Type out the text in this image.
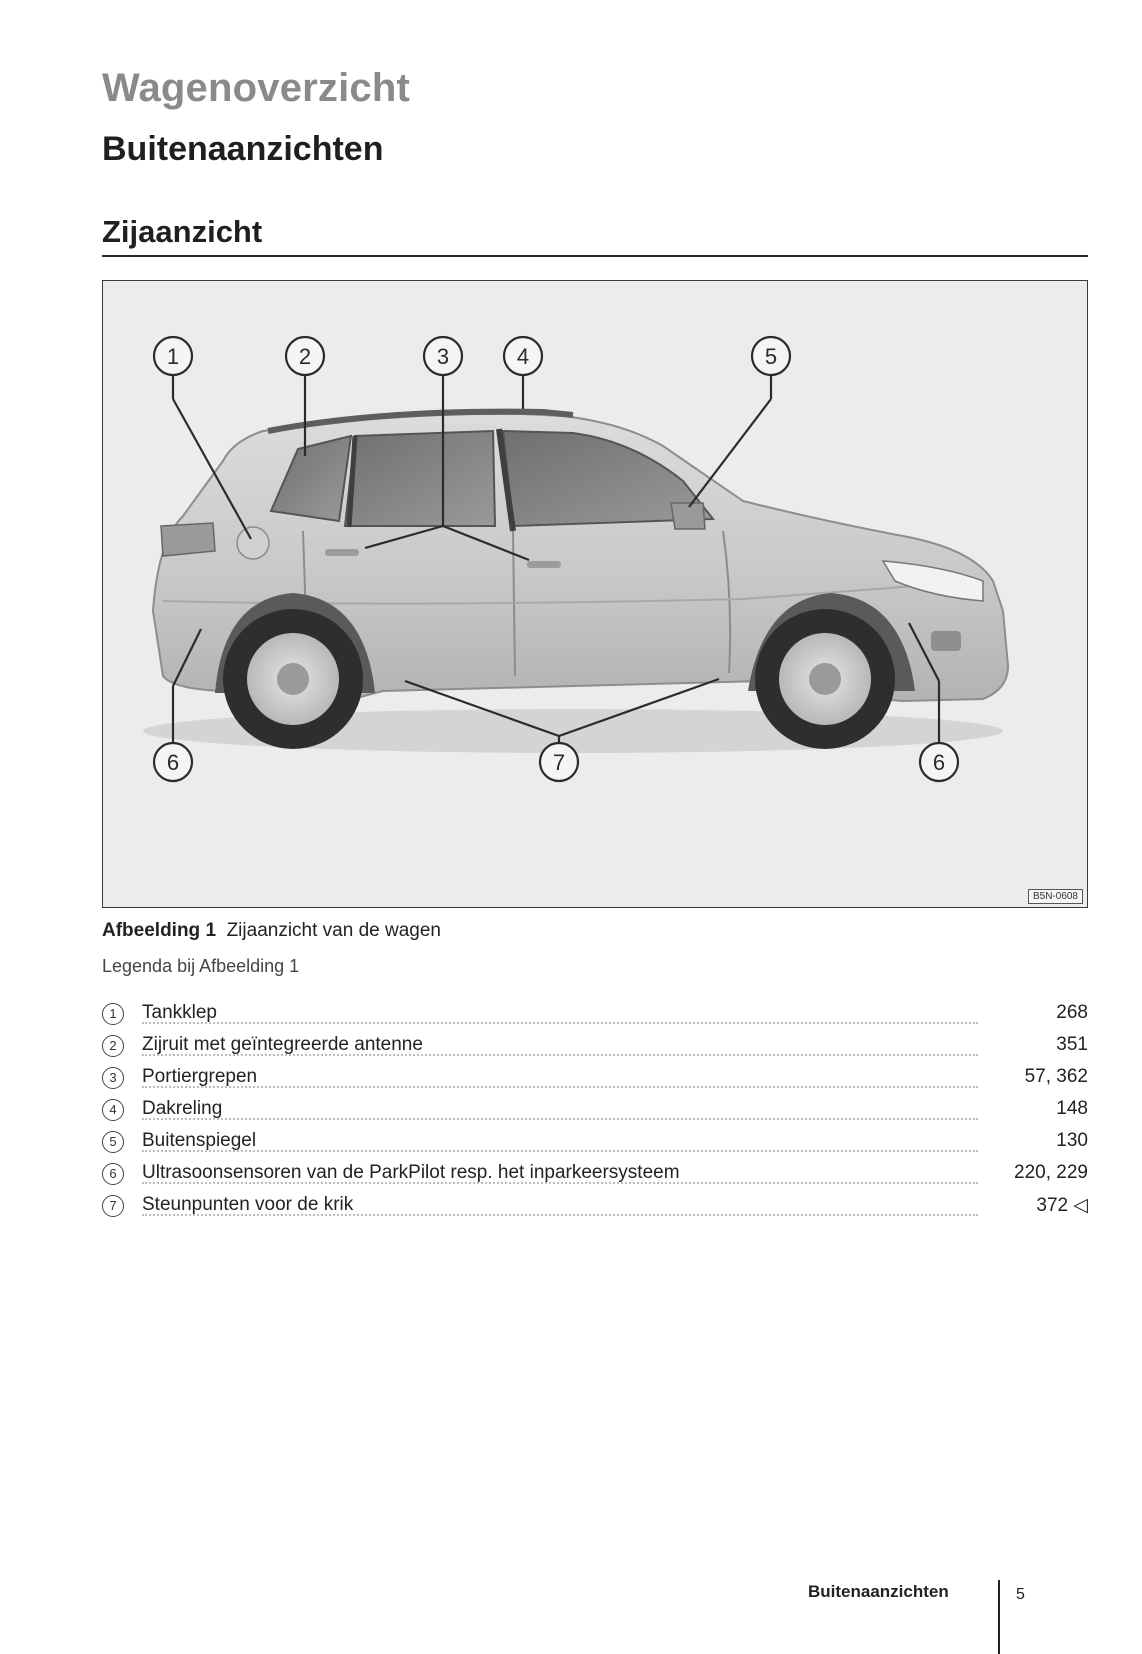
Wagenoverzicht
Buitenaanzichten
Zijaanzicht
1	2	3	4	5
6	7	6
B5N-0608
Afbeelding 1 Zijaanzicht van de wagen
Legenda bij Afbeelding 1
1	Tankklep	268
2	Zijruit met geïntegreerde antenne	351
3	Portiergrepen	57, 362
4	Dakreling	148
5	Buitenspiegel	130
6	Ultrasoonsensoren van de ParkPilot resp. het inparkeersysteem	220, 229
7	Steunpunten voor de krik	372 ◁
Buitenaanzichten	5
